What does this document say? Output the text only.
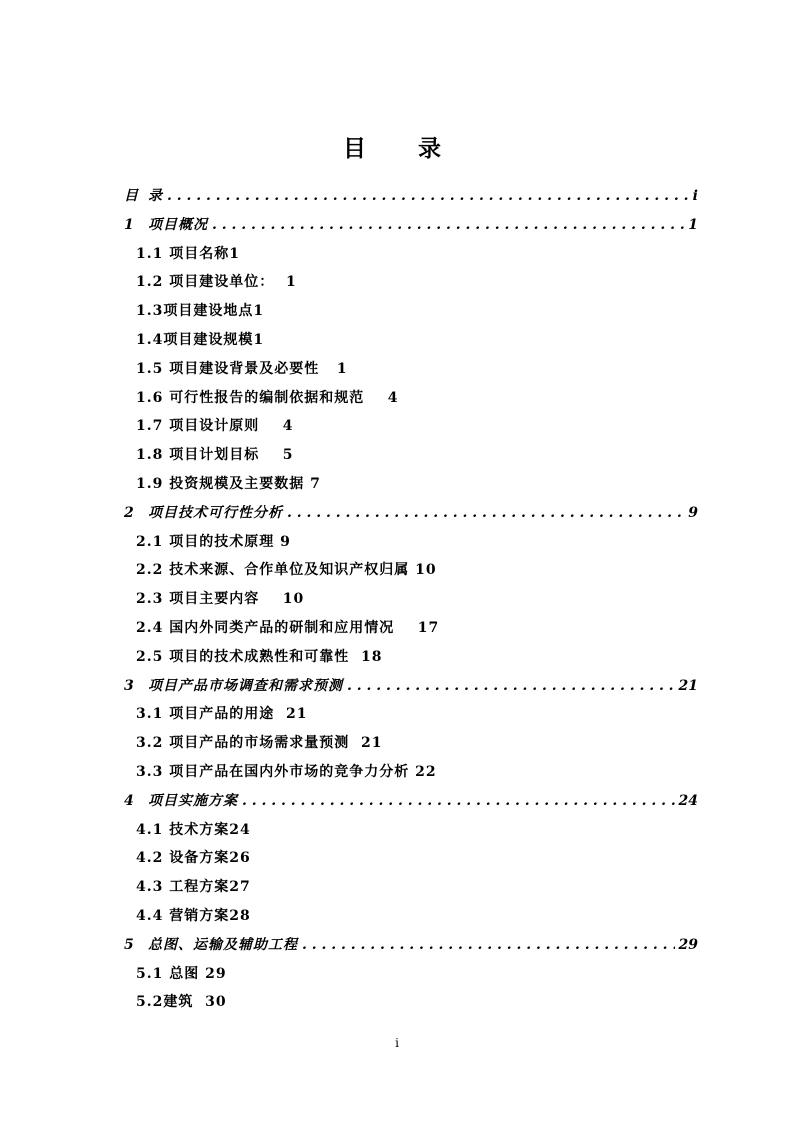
目 录
目 录 . . .	i
1	项目概况 . . .	1
1.1 项目名称1
1.2 项目建设单位：  1
1.3项目建设地点1
1.4项目建设规模1
1.5 项目建设背景及必要性   1
1.6 可行性报告的编制依据和规范    4
1.7 项目设计原则    4
1.8 项目计划目标    5
1.9 投资规模及主要数据 7
2	项目技术可行性分析 . . .	9
2.1 项目的技术原理 9
2.2 技术来源、合作单位及知识产权归属 10
2.3 项目主要内容    10
2.4 国内外同类产品的研制和应用情况    17
2.5 项目的技术成熟性和可靠性  18
3	项目产品市场调查和需求预测 . . .	21
3.1 项目产品的用途  21
3.2 项目产品的市场需求量预测  21
3.3 项目产品在国内外市场的竞争力分析 22
4	项目实施方案 . . .	24
4.1 技术方案24
4.2 设备方案26
4.3 工程方案27
4.4 营销方案28
5	总图、运输及辅助工程 . . .	29
5.1 总图 29
5.2建筑  30
i
